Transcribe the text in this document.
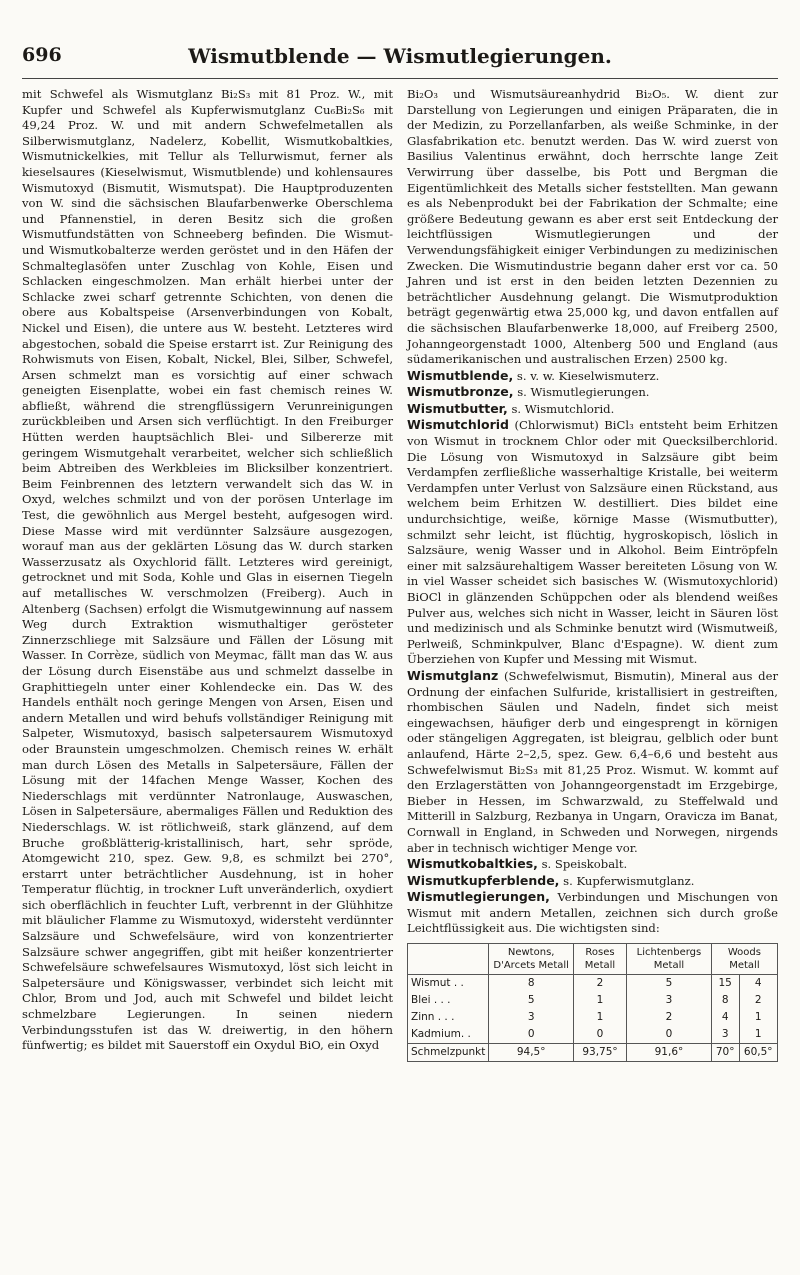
696	Wismutblende — Wismutlegierungen.

mit Schwefel als Wismutglanz Bi₂S₃ mit 81 Proz. W., mit Kupfer und Schwefel als Kupferwismutglanz Cu₆Bi₂S₆ mit 49,24 Proz. W. und mit andern Schwefelmetallen als Silberwismutglanz, Nadelerz, Kobellit, Wismutkobaltkies, Wismutnickelkies, mit Tellur als Tellurwismut, ferner als kieselsaures (Kieselwismut, Wismutblende) und kohlensaures Wismutoxyd (Bismutit, Wismutspat). Die Hauptproduzenten von W. sind die sächsischen Blaufarbenwerke Oberschlema und Pfannenstiel, in deren Besitz sich die großen Wismutfundstätten von Schneeberg befinden. Die Wismut- und Wismutkobalterze werden geröstet und in den Häfen der Schmalteglasöfen unter Zuschlag von Kohle, Eisen und Schlacken eingeschmolzen. Man erhält hierbei unter der Schlacke zwei scharf getrennte Schichten, von denen die obere aus Kobaltspeise (Arsenverbindungen von Kobalt, Nickel und Eisen), die untere aus W. besteht. Letzteres wird abgestochen, sobald die Speise erstarrt ist. Zur Reinigung des Rohwismuts von Eisen, Kobalt, Nickel, Blei, Silber, Schwefel, Arsen schmelzt man es vorsichtig auf einer schwach geneigten Eisenplatte, wobei ein fast chemisch reines W. abfließt, während die strengflüssigern Verunreinigungen zurückbleiben und Arsen sich verflüchtigt. In den Freiburger Hütten werden hauptsächlich Blei- und Silbererze mit geringem Wismutgehalt verarbeitet, welcher sich schließlich beim Abtreiben des Werkbleies im Blicksilber konzentriert. Beim Feinbrennen des letztern verwandelt sich das W. in Oxyd, welches schmilzt und von der porösen Unterlage im Test, die gewöhnlich aus Mergel besteht, aufgesogen wird. Diese Masse wird mit verdünnter Salzsäure ausgezogen, worauf man aus der geklärten Lösung das W. durch starken Wasserzusatz als Oxychlorid fällt. Letzteres wird gereinigt, getrocknet und mit Soda, Kohle und Glas in eisernen Tiegeln auf metallisches W. verschmolzen (Freiberg). Auch in Altenberg (Sachsen) erfolgt die Wismutgewinnung auf nassem Weg durch Extraktion wismuthaltiger gerösteter Zinnerzschliege mit Salzsäure und Fällen der Lösung mit Wasser. In Corrèze, südlich von Meymac, fällt man das W. aus der Lösung durch Eisenstäbe aus und schmelzt dasselbe in Graphittiegeln unter einer Kohlendecke ein. Das W. des Handels enthält noch geringe Mengen von Arsen, Eisen und andern Metallen und wird behufs vollständiger Reinigung mit Salpeter, Wismutoxyd, basisch salpetersaurem Wismutoxyd oder Braunstein umgeschmolzen. Chemisch reines W. erhält man durch Lösen des Metalls in Salpetersäure, Fällen der Lösung mit der 14fachen Menge Wasser, Kochen des Niederschlags mit verdünnter Natronlauge, Auswaschen, Lösen in Salpetersäure, abermaliges Fällen und Reduktion des Niederschlags. W. ist rötlichweiß, stark glänzend, auf dem Bruche großblätterig-kristallinisch, hart, sehr spröde, Atomgewicht 210, spez. Gew. 9,8, es schmilzt bei 270°, erstarrt unter beträchtlicher Ausdehnung, ist in hoher Temperatur flüchtig, in trockner Luft unveränderlich, oxydiert sich oberflächlich in feuchter Luft, verbrennt in der Glühhitze mit bläulicher Flamme zu Wismutoxyd, widersteht verdünnter Salzsäure und Schwefelsäure, wird von konzentrierter Salzsäure schwer angegriffen, gibt mit heißer konzentrierter Schwefelsäure schwefelsaures Wismutoxyd, löst sich leicht in Salpetersäure und Königswasser, verbindet sich leicht mit Chlor, Brom und Jod, auch mit Schwefel und bildet leicht schmelzbare Legierungen. In seinen niedern Verbindungsstufen ist das W. dreiwertig, in den höhern fünfwertig; es bildet mit Sauerstoff ein Oxydul BiO, ein Oxyd

Bi₂O₃ und Wismutsäureanhydrid Bi₂O₅. W. dient zur Darstellung von Legierungen und einigen Präparaten, die in der Medizin, zu Porzellanfarben, als weiße Schminke, in der Glasfabrikation etc. benutzt werden. Das W. wird zuerst von Basilius Valentinus erwähnt, doch herrschte lange Zeit Verwirrung über dasselbe, bis Pott und Bergman die Eigentümlichkeit des Metalls sicher feststellten. Man gewann es als Nebenprodukt bei der Fabrikation der Schmalte; eine größere Bedeutung gewann es aber erst seit Entdeckung der leichtflüssigen Wismutlegierungen und der Verwendungsfähigkeit einiger Verbindungen zu medizinischen Zwecken. Die Wismutindustrie begann daher erst vor ca. 50 Jahren und ist erst in den beiden letzten Dezennien zu beträchtlicher Ausdehnung gelangt. Die Wismutproduktion beträgt gegenwärtig etwa 25,000 kg, und davon entfallen auf die sächsischen Blaufarbenwerke 18,000, auf Freiberg 2500, Johanngeorgenstadt 1000, Altenberg 500 und England (aus südamerikanischen und australischen Erzen) 2500 kg.

Wismutblende, s. v. w. Kieselwismuterz.

Wismutbronze, s. Wismutlegierungen.

Wismutbutter, s. Wismutchlorid.

Wismutchlorid (Chlorwismut) BiCl₃ entsteht beim Erhitzen von Wismut in trocknem Chlor oder mit Quecksilberchlorid. Die Lösung von Wismutoxyd in Salzsäure gibt beim Verdampfen zerfließliche wasserhaltige Kristalle, bei weiterm Verdampfen unter Verlust von Salzsäure einen Rückstand, aus welchem beim Erhitzen W. destilliert. Dies bildet eine undurchsichtige, weiße, körnige Masse (Wismutbutter), schmilzt sehr leicht, ist flüchtig, hygroskopisch, löslich in Salzsäure, wenig Wasser und in Alkohol. Beim Eintröpfeln einer mit salzsäurehaltigem Wasser bereiteten Lösung von W. in viel Wasser scheidet sich basisches W. (Wismutoxychlorid) BiOCl in glänzenden Schüppchen oder als blendend weißes Pulver aus, welches sich nicht in Wasser, leicht in Säuren löst und medizinisch und als Schminke benutzt wird (Wismutweiß, Perlweiß, Schminkpulver, Blanc d'Espagne). W. dient zum Überziehen von Kupfer und Messing mit Wismut.

Wismutglanz (Schwefelwismut, Bismutin), Mineral aus der Ordnung der einfachen Sulfuride, kristallisiert in gestreiften, rhombischen Säulen und Nadeln, findet sich meist eingewachsen, häufiger derb und eingesprengt in körnigen oder stängeligen Aggregaten, ist bleigrau, gelblich oder bunt anlaufend, Härte 2–2,5, spez. Gew. 6,4–6,6 und besteht aus Schwefelwismut Bi₂S₃ mit 81,25 Proz. Wismut. W. kommt auf den Erzlagerstätten von Johanngeorgenstadt im Erzgebirge, Bieber in Hessen, im Schwarzwald, zu Steffelwald und Mitterill in Salzburg, Rezbanya in Ungarn, Oravicza im Banat, Cornwall in England, in Schweden und Norwegen, nirgends aber in technisch wichtiger Menge vor.

Wismutkobaltkies, s. Speiskobalt.

Wismutkupferblende, s. Kupferwismutglanz.

Wismutlegierungen, Verbindungen und Mischungen von Wismut mit andern Metallen, zeichnen sich durch große Leichtflüssigkeit aus. Die wichtigsten sind:

	Newtons, D'Arcets Metall	Roses Metall	Lichtenbergs Metall	Woods Metall	
Wismut . .	8	2	5	15	4
Blei . . .	5	1	3	8	2
Zinn . . .	3	1	2	4	1
Kadmium. .	0	0	0	3	1
Schmelzpunkt	94,5°	93,75°	91,6°	70°	60,5°
